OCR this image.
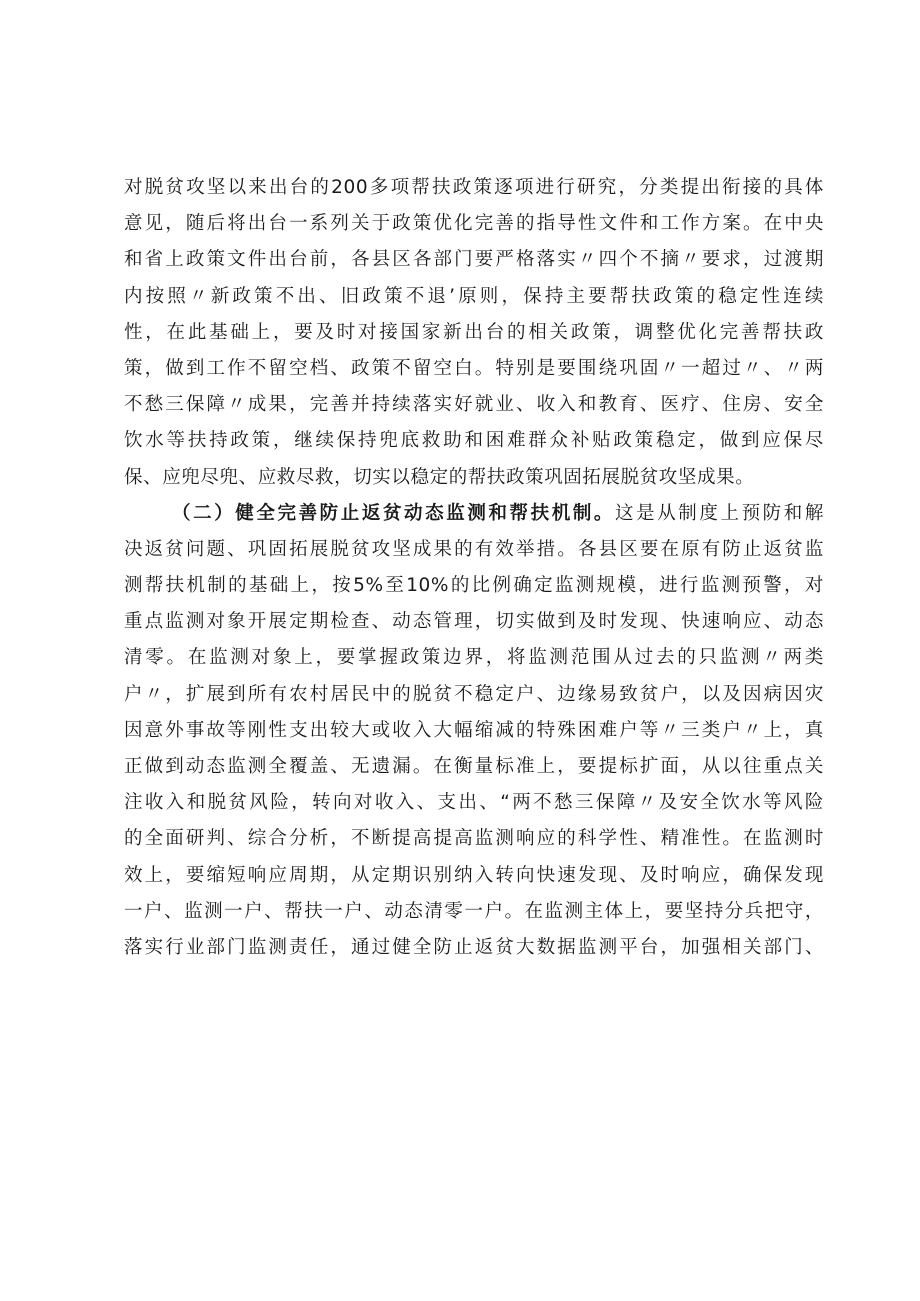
对脱贫攻坚以来出台的200多项帮扶政策逐项进行研究，分类提出衔接的具体
意见，随后将出台一系列关于政策优化完善的指导性文件和工作方案。在中央
和省上政策文件出台前，各县区各部门要严格落实〃四个不摘〃要求，过渡期
内按照〃新政策不出、旧政策不退’原则，保持主要帮扶政策的稳定性连续
性，在此基础上，要及时对接国家新出台的相关政策，调整优化完善帮扶政
策，做到工作不留空档、政策不留空白。特别是要围绕巩固〃一超过〃、〃两
不愁三保障〃成果，完善并持续落实好就业、收入和教育、医疗、住房、安全
饮水等扶持政策，继续保持兜底救助和困难群众补贴政策稳定，做到应保尽
保、应兜尽兜、应救尽救，切实以稳定的帮扶政策巩固拓展脱贫攻坚成果。
（二）健全完善防止返贫动态监测和帮扶机制。这是从制度上预防和解
决返贫问题、巩固拓展脱贫攻坚成果的有效举措。各县区要在原有防止返贫监
测帮扶机制的基础上，按5%至10%的比例确定监测规模，进行监测预警，对
重点监测对象开展定期检查、动态管理，切实做到及时发现、快速响应、动态
清零。在监测对象上，要掌握政策边界，将监测范围从过去的只监测〃两类
户〃，扩展到所有农村居民中的脱贫不稳定户、边缘易致贫户，以及因病因灾
因意外事故等刚性支出较大或收入大幅缩减的特殊困难户等〃三类户〃上，真
正做到动态监测全覆盖、无遗漏。在衡量标准上，要提标扩面，从以往重点关
注收入和脱贫风险，转向对收入、支出、“两不愁三保障〃及安全饮水等风险
的全面研判、综合分析，不断提高提高监测响应的科学性、精准性。在监测时
效上，要缩短响应周期，从定期识别纳入转向快速发现、及时响应，确保发现
一户、监测一户、帮扶一户、动态清零一户。在监测主体上，要坚持分兵把守，
落实行业部门监测责任，通过健全防止返贫大数据监测平台，加强相关部门、
